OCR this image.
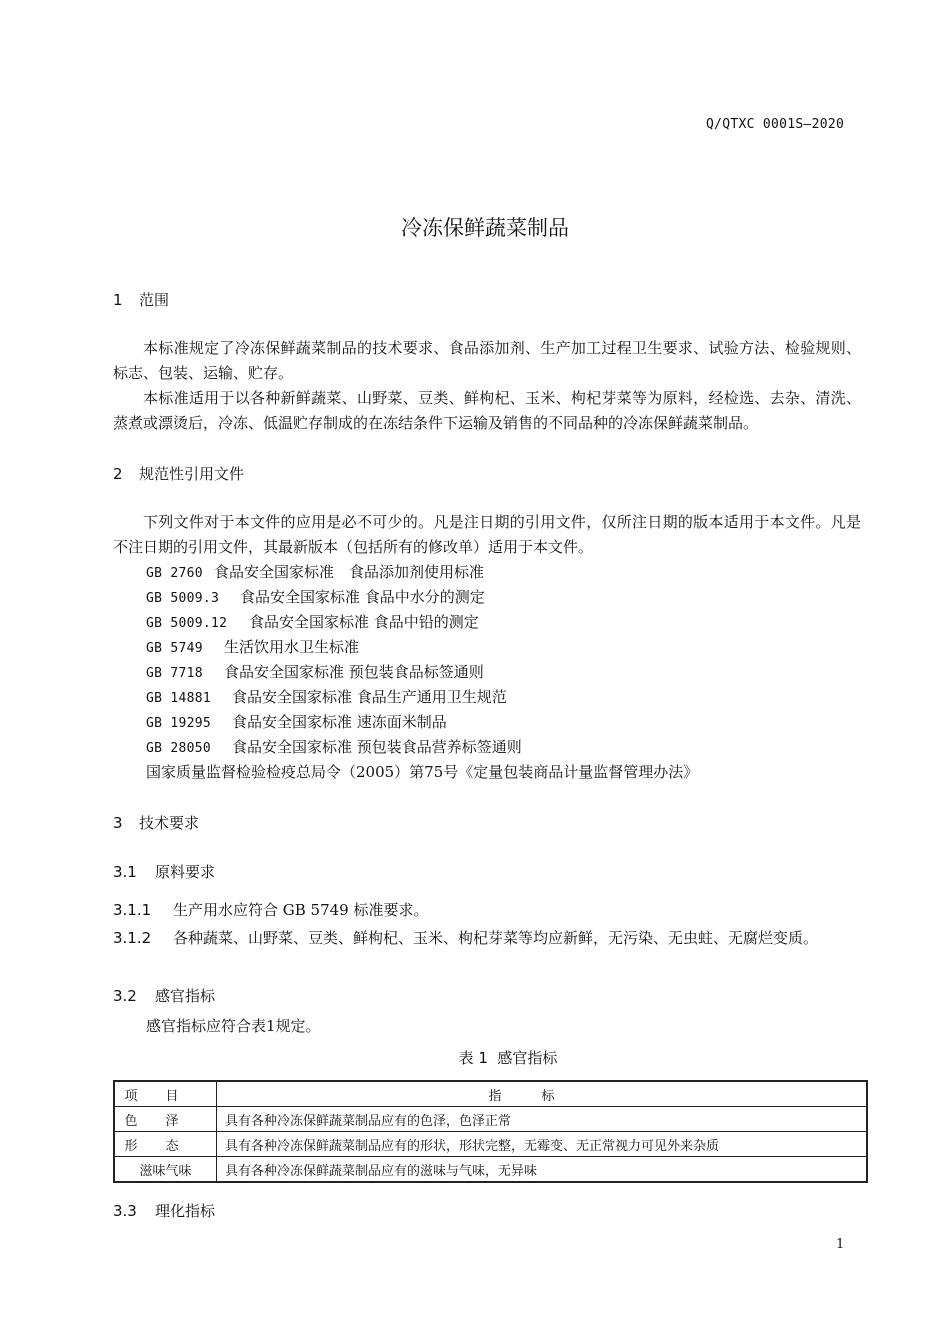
Q/QTXC 0001S—2020
冷冻保鲜蔬菜制品
1 范围
本标准规定了冷冻保鲜蔬菜制品的技术要求、食品添加剂、生产加工过程卫生要求、试验方法、检验规则、标志、包装、运输、贮存。
本标准适用于以各种新鲜蔬菜、山野菜、豆类、鲜枸杞、玉米、枸杞芽菜等为原料，经检选、去杂、清洗、蒸煮或漂烫后，冷冻、低温贮存制成的在冻结条件下运输及销售的不同品种的冷冻保鲜蔬菜制品。
2 规范性引用文件
下列文件对于本文件的应用是必不可少的。凡是注日期的引用文件，仅所注日期的版本适用于本文件。凡是不注日期的引用文件，其最新版本（包括所有的修改单）适用于本文件。
GB 2760 食品安全国家标准　食品添加剂使用标准
GB 5009.3 食品安全国家标准 食品中水分的测定
GB 5009.12 食品安全国家标准 食品中铅的测定
GB 5749 生活饮用水卫生标准
GB 7718 食品安全国家标准 预包装食品标签通则
GB 14881 食品安全国家标准 食品生产通用卫生规范
GB 19295 食品安全国家标准 速冻面米制品
GB 28050 食品安全国家标准 预包装食品营养标签通则
国家质量监督检验检疫总局令（2005）第75号《定量包装商品计量监督管理办法》
3 技术要求
3.1 原料要求
3.1.1 生产用水应符合 GB 5749 标准要求。
3.1.2 各种蔬菜、山野菜、豆类、鲜枸杞、玉米、枸杞芽菜等均应新鲜，无污染、无虫蛀、无腐烂变质。
3.2 感官指标
感官指标应符合表1规定。
表 1  感官指标
项目	指标
色泽	具有各种冷冻保鲜蔬菜制品应有的色泽，色泽正常
形态	具有各种冷冻保鲜蔬菜制品应有的形状，形状完整，无霉变、无正常视力可见外来杂质
滋味气味	具有各种冷冻保鲜蔬菜制品应有的滋味与气味，无异味
3.3 理化指标
1
